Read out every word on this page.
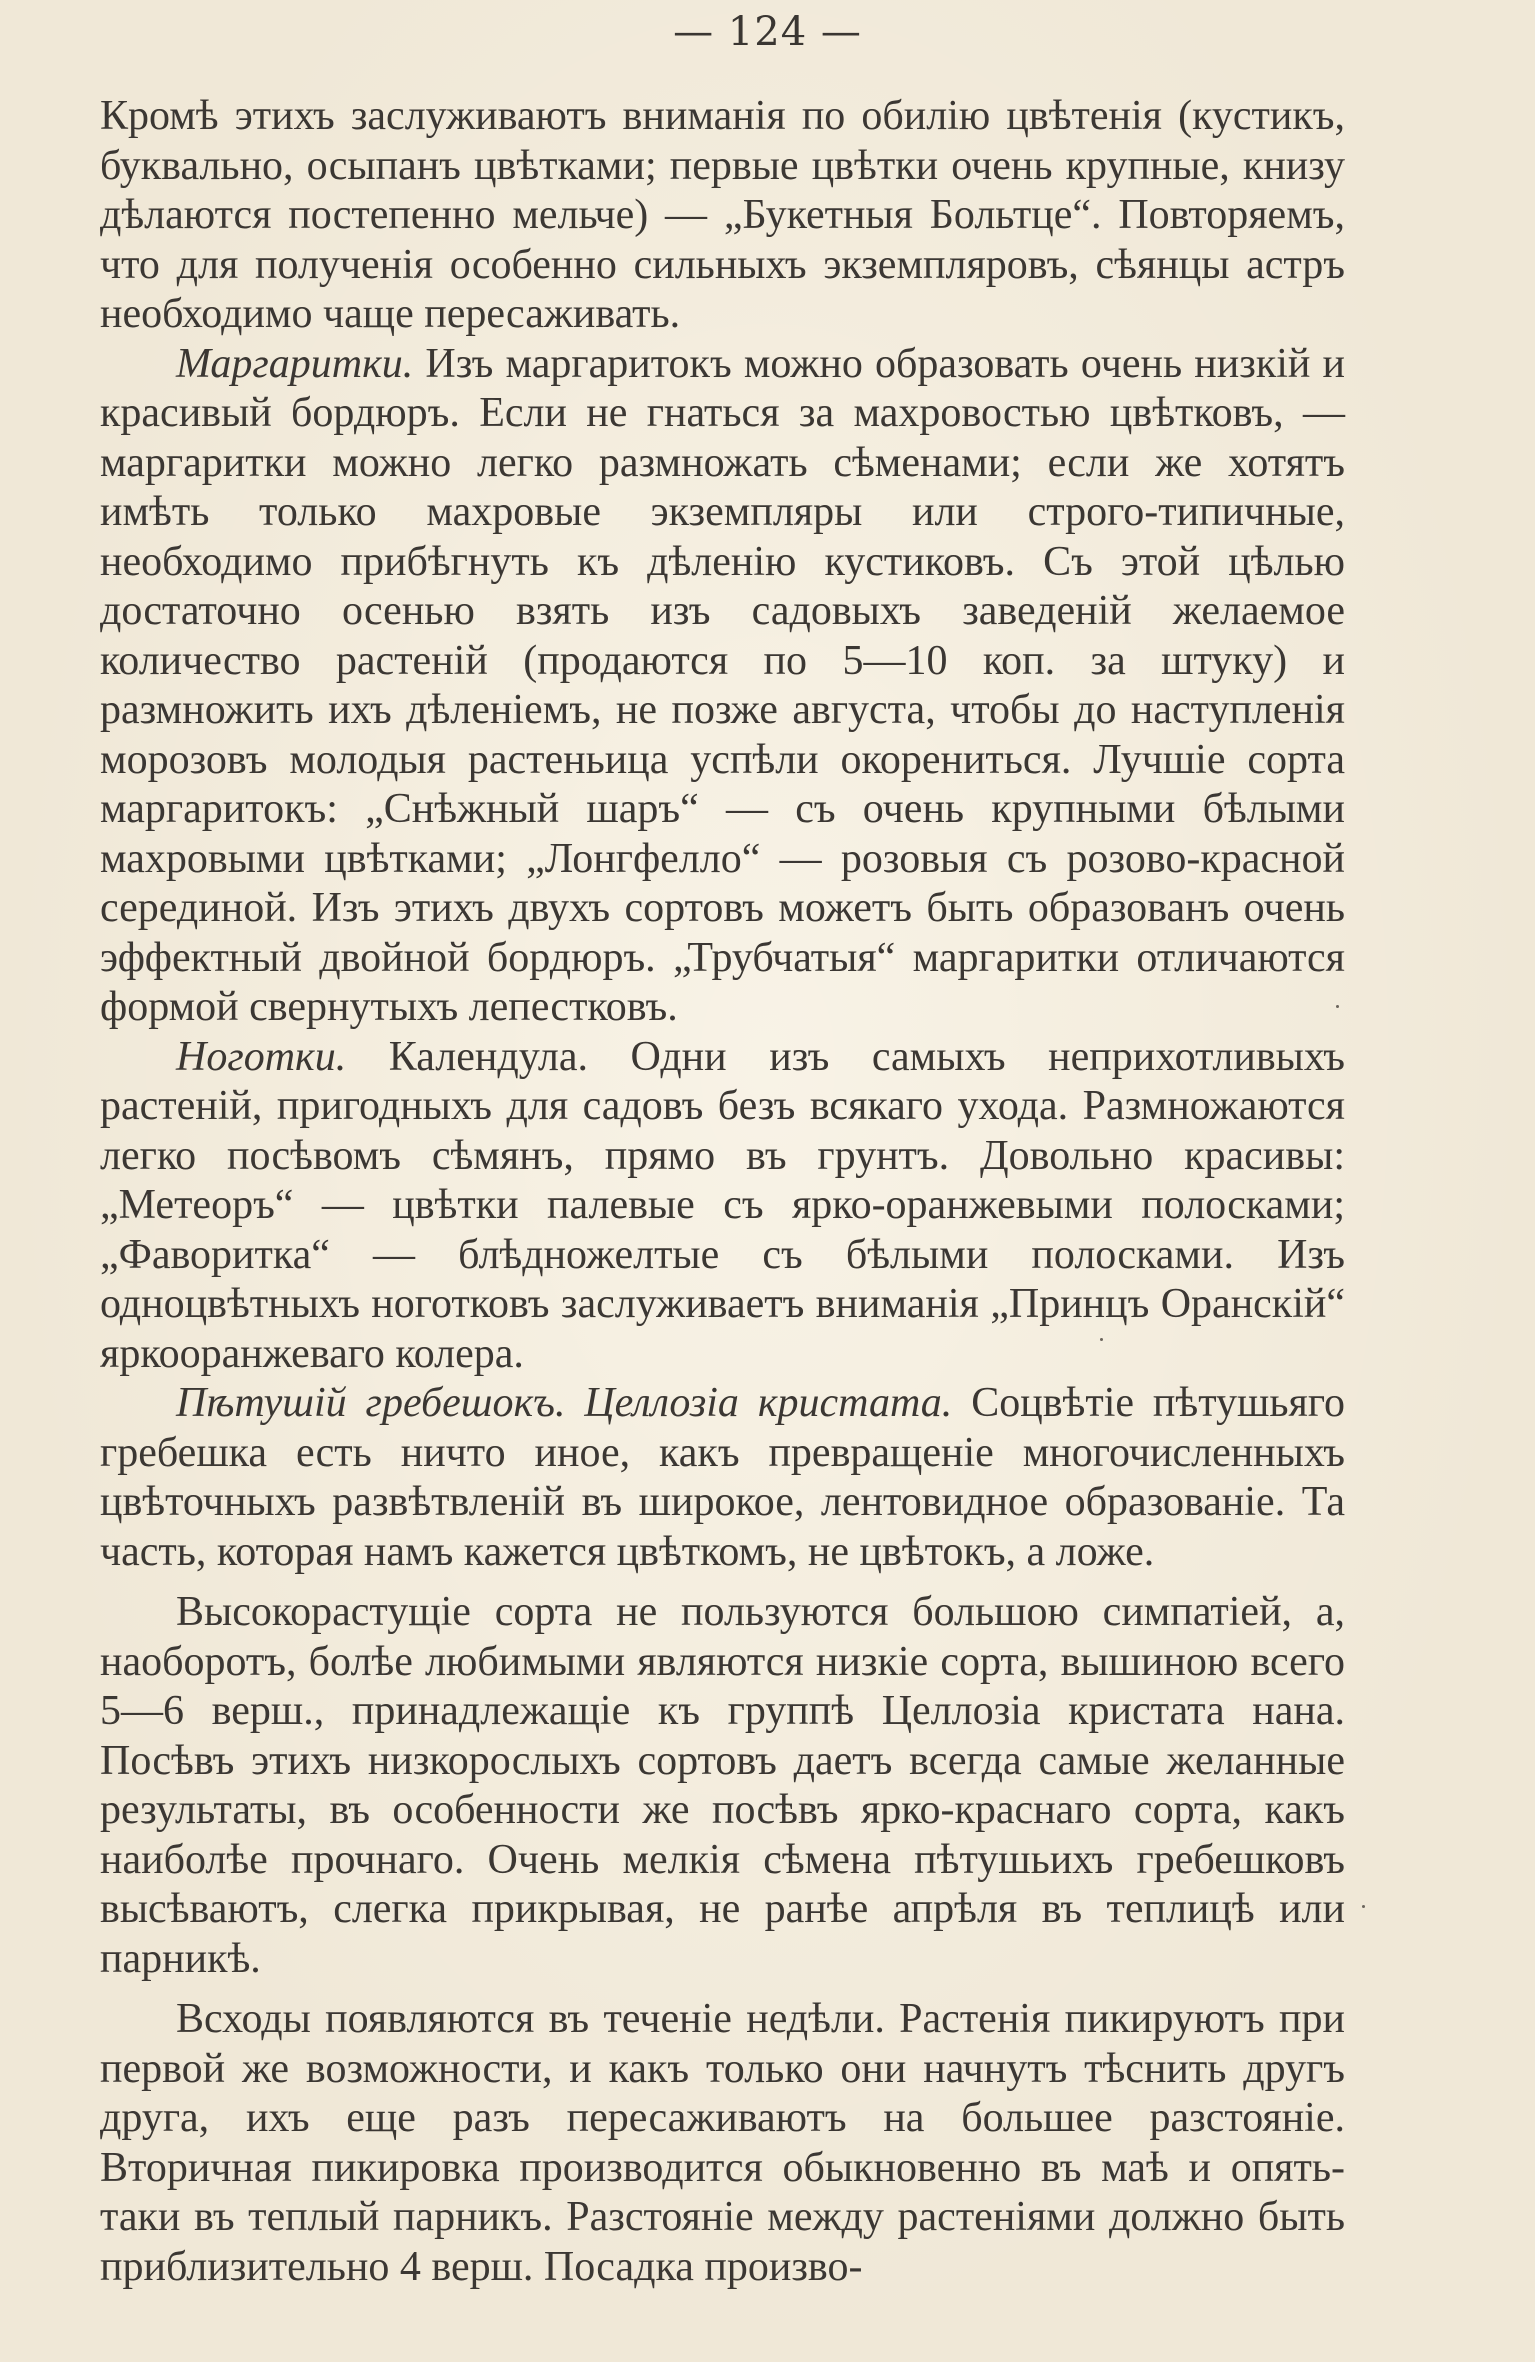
— 124 —

Кромѣ этихъ заслуживаютъ вниманія по обилію цвѣтенія (кустикъ, буквально, осыпанъ цвѣтками; первые цвѣтки очень крупные, книзу дѣлаются постепенно мельче) — „Букетныя Больтце“. Повторяемъ, что для полученія особенно сильныхъ экземпляровъ, сѣянцы астръ необходимо чаще пересаживать.

Маргаритки. Изъ маргаритокъ можно образовать очень низкій и красивый бордюръ. Если не гнаться за махровостью цвѣтковъ, — маргаритки можно легко размножать сѣменами; если же хотятъ имѣть только махровые экземпляры или строго-типичные, необходимо прибѣгнуть къ дѣленію кустиковъ. Съ этой цѣлью достаточно осенью взять изъ садовыхъ заведеній желаемое количество растеній (продаются по 5—10 коп. за штуку) и размножить ихъ дѣленіемъ, не позже августа, чтобы до наступленія морозовъ молодыя растеньица успѣли окорениться. Лучшіе сорта маргаритокъ: „Снѣжный шаръ“ — съ очень крупными бѣлыми махровыми цвѣтками; „Лонгфелло“ — розовыя съ розово-красной серединой. Изъ этихъ двухъ сортовъ можетъ быть образованъ очень эффектный двойной бордюръ. „Трубчатыя“ маргаритки отличаются формой свернутыхъ лепестковъ.

Ноготки. Календула. Одни изъ самыхъ неприхотливыхъ растеній, пригодныхъ для садовъ безъ всякаго ухода. Размножаются легко посѣвомъ сѣмянъ, прямо въ грунтъ. Довольно красивы: „Метеоръ“ — цвѣтки палевые съ ярко-оранжевыми полосками; „Фаворитка“ — блѣдножелтые съ бѣлыми полосками. Изъ одноцвѣтныхъ ноготковъ заслуживаетъ вниманія „Принцъ Оранскій“ яркооранжеваго колера.

Пѣтушій гребешокъ. Целлозіа кристата. Соцвѣтіе пѣтушьяго гребешка есть ничто иное, какъ превращеніе многочисленныхъ цвѣточныхъ развѣтвленій въ широкое, лентовидное образованіе. Та часть, которая намъ кажется цвѣткомъ, не цвѣтокъ, а ложе.

Высокорастущіе сорта не пользуются большою симпатіей, а, наоборотъ, болѣе любимыми являются низкіе сорта, вышиною всего 5—6 верш., принадлежащіе къ группѣ Целлозіа кристата нана. Посѣвъ этихъ низкорослыхъ сортовъ даетъ всегда самые желанные результаты, въ особенности же посѣвъ ярко-краснаго сорта, какъ наиболѣе прочнаго. Очень мелкія сѣмена пѣтушьихъ гребешковъ высѣваютъ, слегка прикрывая, не ранѣе апрѣля въ теплицѣ или парникѣ.

Всходы появляются въ теченіе недѣли. Растенія пикируютъ при первой же возможности, и какъ только они начнутъ тѣснить другъ друга, ихъ еще разъ пересаживаютъ на большее разстояніе. Вторичная пикировка производится обыкновенно въ маѣ и опять-таки въ теплый парникъ. Разстояніе между растеніями должно быть приблизительно 4 верш. Посадка произво-
